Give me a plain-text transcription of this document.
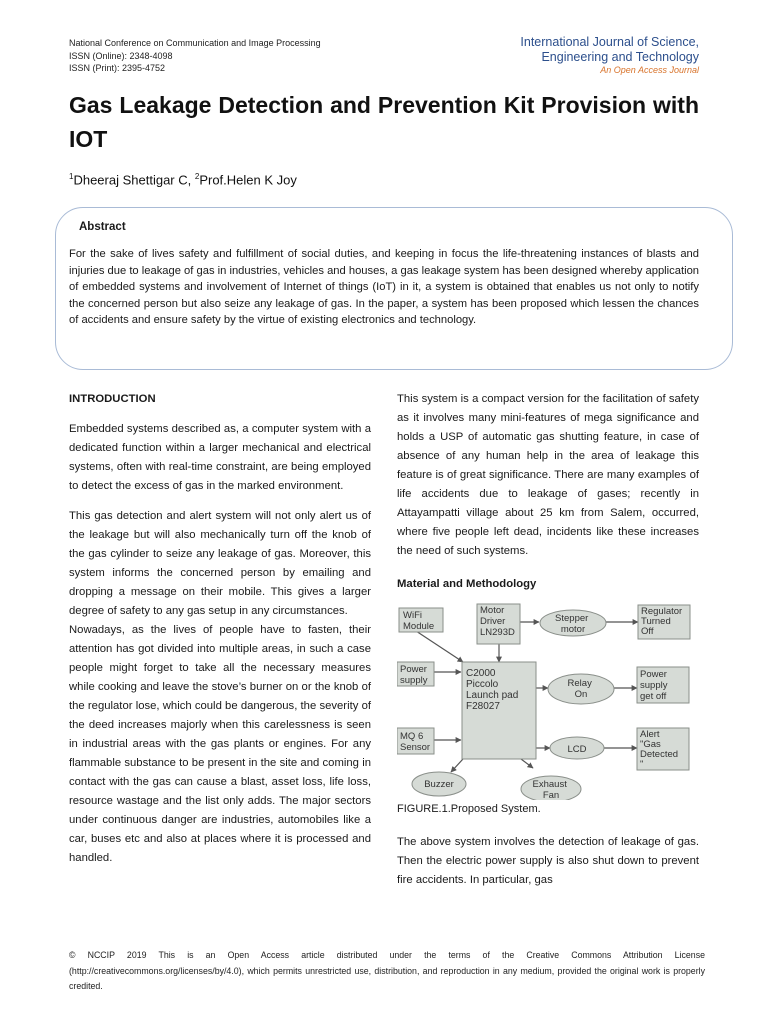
National Conference on Communication and Image Processing
ISSN (Online): 2348-4098
ISSN (Print): 2395-4752
International Journal of Science,
Engineering and Technology
An Open Access Journal
Gas Leakage Detection and Prevention Kit Provision with IOT
$^1$Dheeraj Shettigar C, $^2$Prof.Helen K Joy
Abstract

For the sake of lives safety and fulfillment of social duties, and keeping in focus the life-threatening instances of blasts and injuries due to leakage of gas in industries, vehicles and houses, a gas leakage system has been designed whereby application of embedded systems and involvement of Internet of things (IoT) in it, a system is obtained that enables us not only to notify the concerned person but also seize any leakage of gas. In the paper, a system has been proposed which lessen the chances of accidents and ensure safety by the virtue of existing electronics and technology.

INTRODUCTION

Embedded systems described as, a computer system with a dedicated function within a larger mechanical and electrical systems, often with real-time constraint, are being employed to detect the excess of gas in the marked environment.

This gas detection and alert system will not only alert us of the leakage but will also mechanically turn off the knob of the gas cylinder to seize any leakage of gas. Moreover, this system informs the concerned person by emailing and dropping a message on their mobile. This gives a larger degree of safety to any gas setup in any circumstances.

Nowadays, as the lives of people have to fasten, their attention has got divided into multiple areas, in such a case people might forget to take all the necessary measures while cooking and leave the stove’s burner on or the knob of the regulator lose, which could be dangerous, the severity of the deed increases majorly when this carelessness is seen in industrial areas with the gas plants or engines. For any flammable substance to be present in the site and coming in contact with the gas can cause a blast, asset loss, life loss, resource wastage and the list only adds. The major sectors under continuous danger are industries, automobiles like a car, buses etc and also at places where it is processed and handled.

This system is a compact version for the facilitation of safety as it involves many mini-features of mega significance and holds a USP of automatic gas shutting feature, in case of absence of any human help in the area of leakage this feature is of great significance. There are many examples of life accidents due to leakage of gases; recently in Attayampatti village about 25 km from Salem, occurred, where five people left dead, incidents like these increases the need of such systems.

Material and Methodology

WiFi Module
Motor Driver LN293D
Stepper motor
Regulator Turned Off
Power supply
C2000 Piccolo Launch pad F28027
Relay On
Power supply get off
MQ 6 Sensor	LCD
Alert "Gas Detected "
Buzzer	Exhaust Fan

FIGURE.1.Proposed System.

The above system involves the detection of leakage of gas. Then the electric power supply is also shut down to prevent fire accidents. In particular, gas

© NCCIP 2019 This is an Open Access article distributed under the terms of the Creative Commons Attribution License (http://creativecommons.org/licenses/by/4.0), which permits unrestricted use, distribution, and reproduction in any medium, provided the original work is properly credited.
